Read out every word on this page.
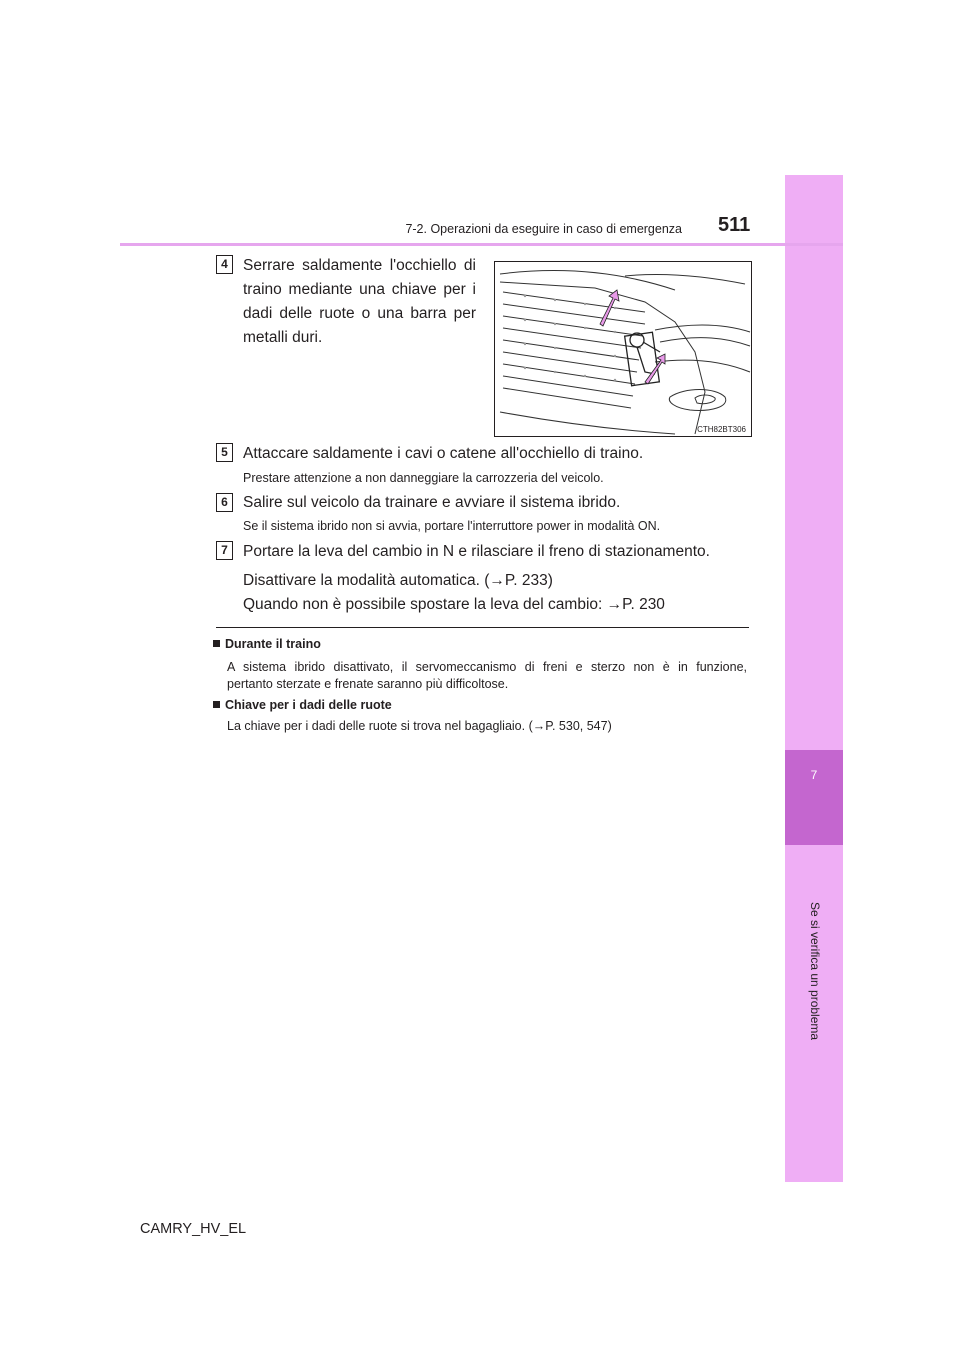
7
Se si verifica un problema
7-2. Operazioni da eseguire in caso di emergenza 511
4 Serrare saldamente l'occhiello di
traino mediante una chiave per i
dadi delle ruote o una barra per
metalli duri.
CTH82BT306
5 Attaccare saldamente i cavi o catene all'occhiello di traino.
Prestare attenzione a non danneggiare la carrozzeria del veicolo.
6 Salire sul veicolo da trainare e avviare il sistema ibrido.
Se il sistema ibrido non si avvia, portare l'interruttore power in modalità ON.
7 Portare la leva del cambio in N e rilasciare il freno di stazionamento.
Disattivare la modalità automatica. (→P. 233)
Quando non è possibile spostare la leva del cambio: →P. 230
Durante il traino
A sistema ibrido disattivato, il servomeccanismo di freni e sterzo non è in funzione,
pertanto sterzate e frenate saranno più difficoltose.
Chiave per i dadi delle ruote
La chiave per i dadi delle ruote si trova nel bagagliaio. (→P. 530, 547)
CAMRY_HV_EL
